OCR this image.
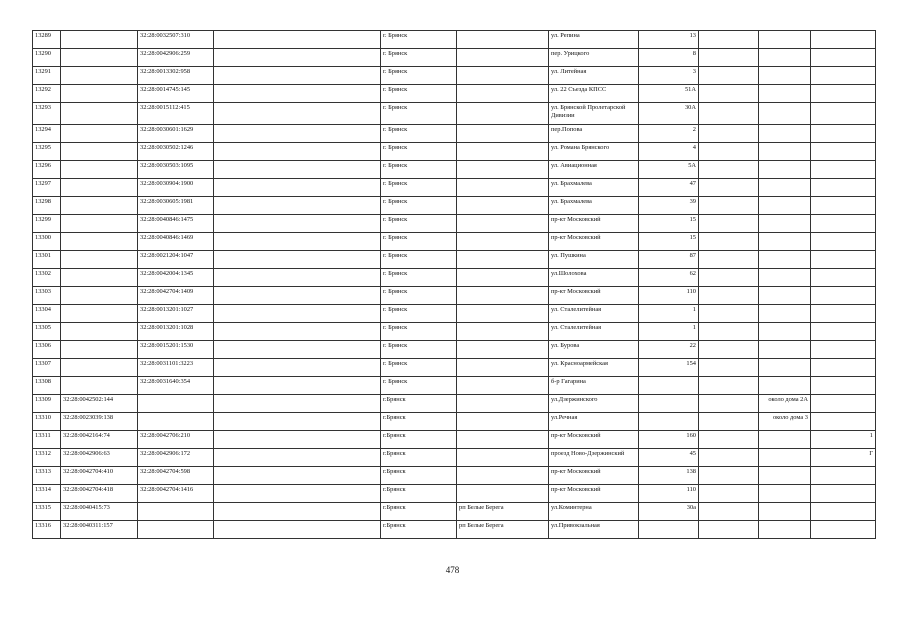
13289		32:28:0032507:310		г. Брянск		ул. Репина	13			
13290		32:28:0042906:259		г. Брянск		пер. Урицкого	8			
13291		32:28:0013302:958		г. Брянск		ул. Литейная	3			
13292		32:28:0014745:145		г. Брянск		ул. 22 Съезда КПСС	51А			
13293		32:28:0015112:415		г. Брянск		ул. Брянской Пролетарской Дивизии	30А			
13294		32:28:0030601:1629		г. Брянск		пер.Попова	2			
13295		32:28:0030502:1246		г. Брянск		ул. Романа Брянского	4			
13296		32:28:0030503:1095		г. Брянск		ул. Авиационная	5А			
13297		32:28:0030904:1900		г. Брянск		ул. Брахмалева	47			
13298		32:28:0030605:1981		г. Брянск		ул. Брахмалева	39			
13299		32:28:0040846:1475		г. Брянск		пр-кт Московский	15			
13300		32:28:0040846:1469		г. Брянск		пр-кт Московский	15			
13301		32:28:0021204:1047		г. Брянск		ул. Пушкина	87			
13302		32:28:0042004:1345		г. Брянск		ул.Шолохова	62			
13303		32:28:0042704:1409		г. Брянск		пр-кт Московский	110			
13304		32:28:0013201:1027		г. Брянск		ул. Сталелитейная	1			
13305		32:28:0013201:1028		г. Брянск		ул. Сталелитейная	1			
13306		32:28:0015201:1530		г. Брянск		ул. Бурова	22			
13307		32:28:0031101:3223		г. Брянск		ул. Красноармейская	154			
13308		32:28:0031640:354		г. Брянск		б-р Гагарина				
13309	32:28:0042502:144			г.Брянск		ул.Дзержинского			около дома 2А	
13310	32:28:0023039:138			г.Брянск		ул.Речная			около дома 3	
13311	32:28:0042164:74	32:28:0042706:210		г.Брянск		пр-кт Московский	160			1
13312	32:28:0042906:63	32:28:0042906:172		г.Брянск		проезд Ново-Дзержинский	45			Г
13313	32:28:0042704:410	32:28:0042704:598		г.Брянск		пр-кт Московский	138			
13314	32:28:0042704:418	32:28:0042704:1416		г.Брянск		пр-кт Московский	110			
13315	32:28:0040415:73			г.Брянск	рп Белые Берега	ул.Коминтерна	30а			
13316	32:28:0040311:157			г.Брянск	рп Белые Берега	ул.Привокзальная				
478
